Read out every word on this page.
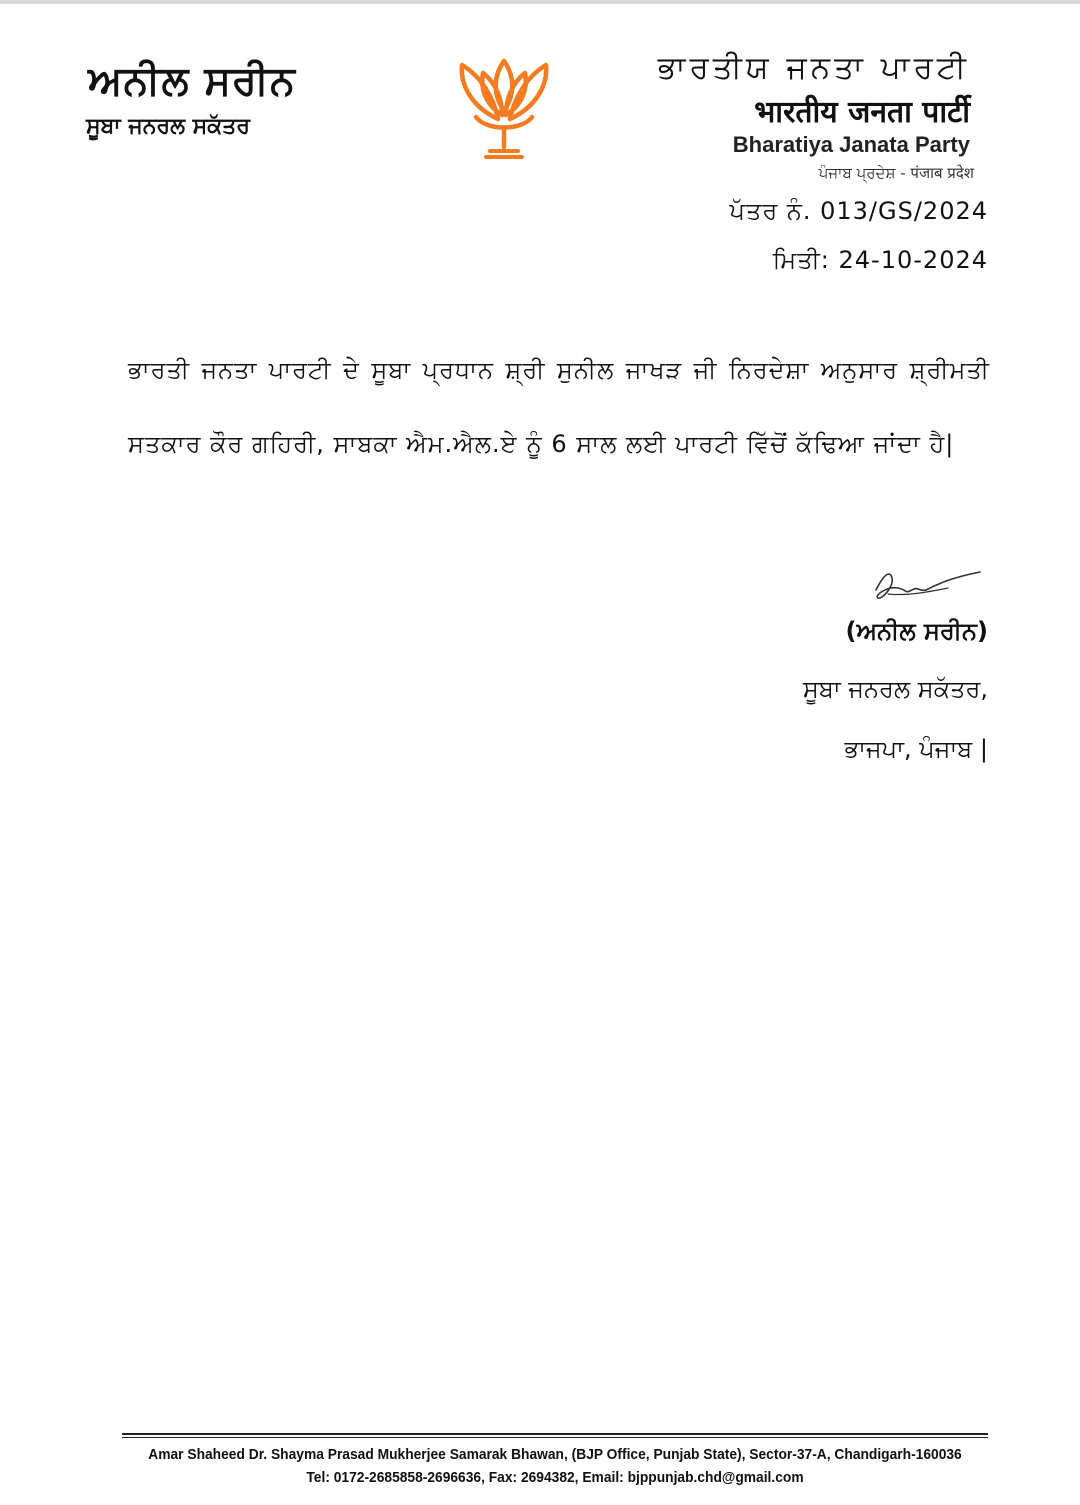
ਅਨੀਲ ਸਰੀਨ
ਸੂਬਾ ਜਨਰਲ ਸਕੱਤਰ
ਭਾਰਤੀਯ ਜਨਤਾ ਪਾਰਟੀ
भारतीय जनता पार्टी
Bharatiya Janata Party
ਪੰਜਾਬ ਪ੍ਰਦੇਸ਼ - पंजाब प्रदेश
ਪੱਤਰ ਨੰ. 013/GS/2024
ਮਿਤੀ: 24-10-2024
ਭਾਰਤੀ ਜਨਤਾ ਪਾਰਟੀ ਦੇ ਸੂਬਾ ਪ੍ਰਧਾਨ ਸ਼੍ਰੀ ਸੁਨੀਲ ਜਾਖੜ ਜੀ ਨਿਰਦੇਸ਼ਾ ਅਨੁਸਾਰ ਸ਼੍ਰੀਮਤੀ ਸਤਕਾਰ ਕੌਰ ਗਹਿਰੀ, ਸਾਬਕਾ ਐਮ.ਐਲ.ਏ ਨੂੰ 6 ਸਾਲ ਲਈ ਪਾਰਟੀ ਵਿੱਚੋਂ ਕੱਢਿਆ ਜਾਂਦਾ ਹੈ|
(ਅਨੀਲ ਸਰੀਨ)
ਸੂਬਾ ਜਨਰਲ ਸਕੱਤਰ,
ਭਾਜਪਾ, ਪੰਜਾਬ |
Amar Shaheed Dr. Shayma Prasad Mukherjee Samarak Bhawan, (BJP Office, Punjab State), Sector-37-A, Chandigarh-160036
Tel: 0172-2685858-2696636, Fax: 2694382, Email: bjppunjab.chd@gmail.com
